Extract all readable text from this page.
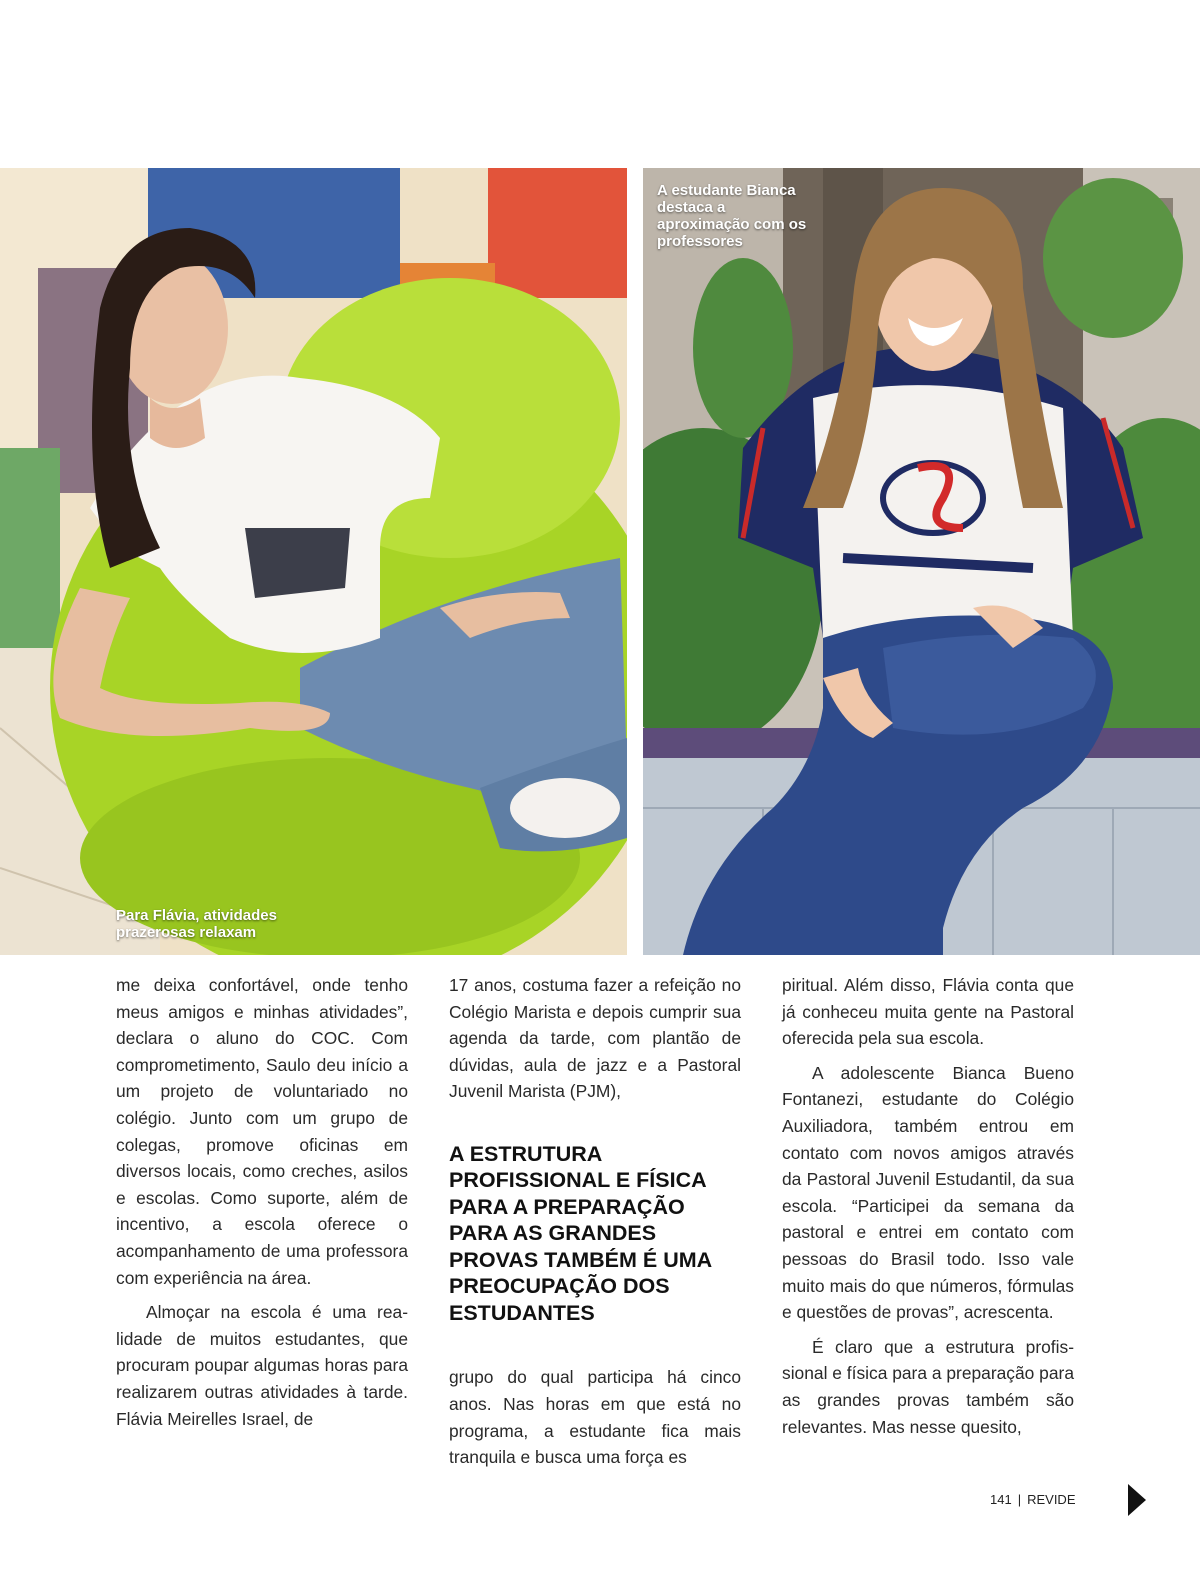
Para Flávia, atividades prazerosas relaxam
A estudante Bianca destaca a aproximação com os professores

me deixa confortável, onde tenho meus amigos e minhas atividades”, declara o aluno do COC. Com comprometimento, Saulo deu início a um projeto de voluntariado no colégio. Junto com um grupo de colegas, promove oficinas em diversos locais, como creches, asilos e escolas. Como suporte, além de incentivo, a escola oferece o acompanhamento de uma professora com experiência na área.

Almoçar na escola é uma realidade de muitos estudantes, que procuram poupar algumas horas para realizarem outras atividades à tarde. Flávia Meirelles Israel, de

17 anos, costuma fazer a refeição no Colégio Marista e depois cumprir sua agenda da tarde, com plantão de dúvidas, aula de jazz e a Pastoral Juvenil Marista (PJM),

A ESTRUTURA PROFISSIONAL E FÍSICA PARA A PREPARAÇÃO PARA AS GRANDES PROVAS TAMBÉM É UMA PREOCUPAÇÃO DOS ESTUDANTES

grupo do qual participa há cinco anos. Nas horas em que está no programa, a estudante fica mais tranquila e busca uma força es

piritual. Além disso, Flávia conta que já conheceu muita gente na Pastoral oferecida pela sua escola.

A adolescente Bianca Bueno Fontanezi, estudante do Colégio Auxiliadora, também entrou em contato com novos amigos através da Pastoral Juvenil Estudantil, da sua escola. “Participei da semana da pastoral e entrei em contato com pessoas do Brasil todo. Isso vale muito mais do que números, fórmulas e questões de provas”, acrescenta.

É claro que a estrutura profissional e física para a preparação para as grandes provas também são relevantes. Mas nesse quesito,

141 | REVIDE
